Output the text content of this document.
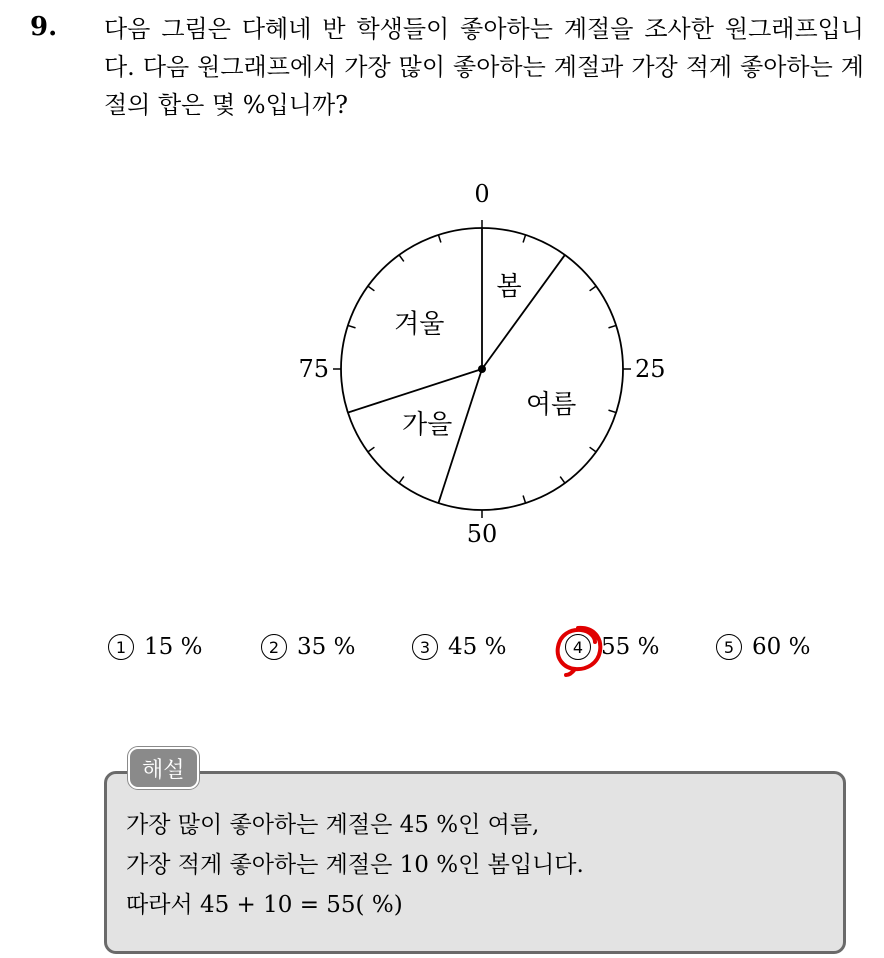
9. 다음 그림은 다혜네 반 학생들이 좋아하는 계절을 조사한 원그래프입니다. 다음 원그래프에서 가장 많이 좋아하는 계절과 가장 적게 좋아하는 계절의 합은 몇 %입니까?

0
25
50
75
봄
여름
가을
겨울
1 15 %	2 35 %	3 45 %	4 55 %	5 60 %
해설
가장 많이 좋아하는 계절은 45 %인 여름,
가장 적게 좋아하는 계절은 10 %인 봄입니다.
따라서 45 + 10 = 55( %)
